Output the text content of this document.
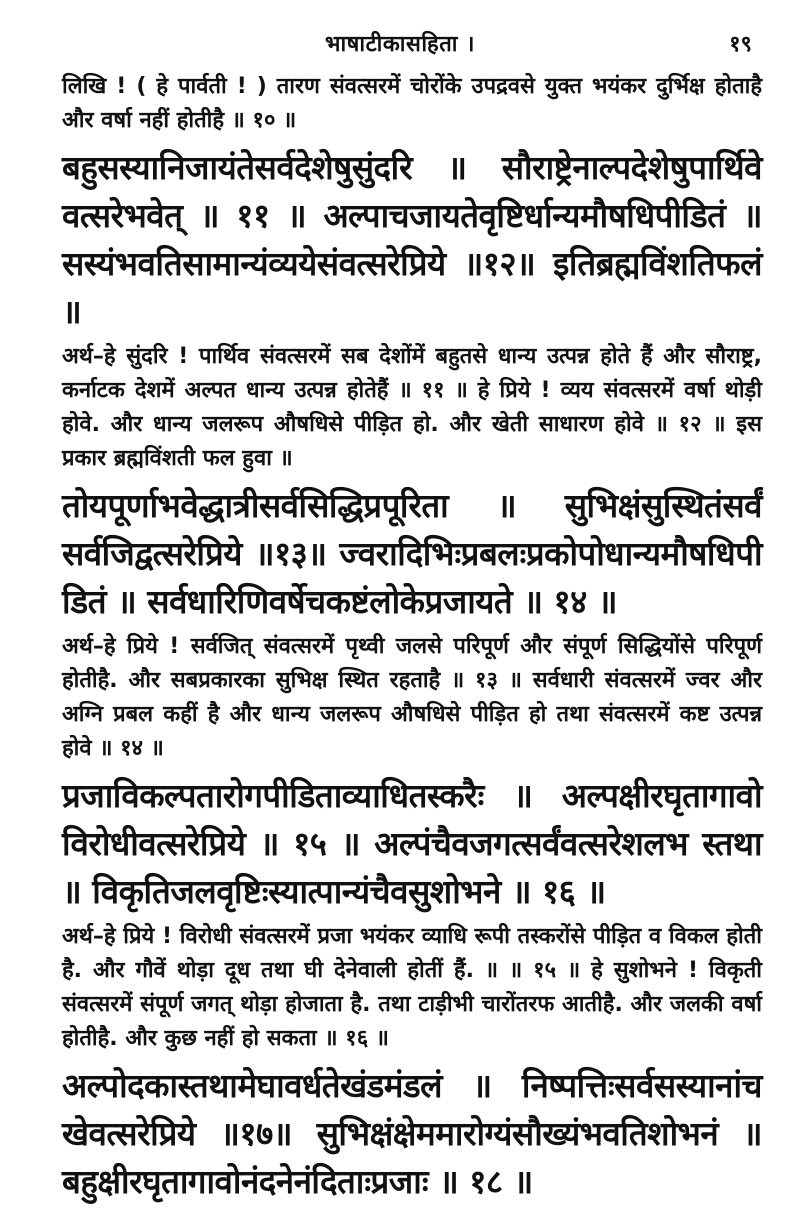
भाषाटीकासहिता ।	१९

लिखि ! ( हे पार्वती ! ) तारण संवत्सरमें चोरोंके उपद्रवसे युक्त भयंकर दुर्भिक्ष होताहै और वर्षा नहीं होतीहै ॥ १० ॥

बहुसस्यानिजायंतेसर्वदेशेषुसुंदरि ॥ सौराष्ट्रेनाल्पदेशेषुपार्थिवे वत्सरेभवेत् ॥ ११ ॥ अल्पाचजायतेवृष्टिर्धान्यमौषधिपीडितं ॥ सस्यंभवतिसामान्यंव्ययेसंवत्सरेप्रिये ॥१२॥ इतिब्रह्मविंशतिफलं ॥

अर्थ–हे सुंदरि ! पार्थिव संवत्सरमें सब देशोंमें बहुतसे धान्य उत्पन्न होते हैं और सौराष्ट्र, कर्नाटक देशमें अल्पत धान्य उत्पन्न होतेहैं ॥ ११ ॥ हे प्रिये ! व्यय संवत्सरमें वर्षा थोड़ी होवे. और धान्य जलरूप औषधिसे पीड़ित हो. और खेती साधारण होवे ॥ १२ ॥ इस प्रकार ब्रह्मविंशती फल हुवा ॥

तोयपूर्णाभवेद्धात्रीसर्वसिद्धिप्रपूरिता ॥ सुभिक्षंसुस्थितंसर्वं सर्वजिद्वत्सरेप्रिये ॥१३॥ ज्वरादिभिःप्रबलःप्रकोपोधान्यमौषधिपी डितं ॥ सर्वधारिणिवर्षेचकष्टंलोकेप्रजायते ॥ १४ ॥

अर्थ–हे प्रिये ! सर्वजित् संवत्सरमें पृथ्वी जलसे परिपूर्ण और संपूर्ण सिद्धियोंसे परिपूर्ण होतीहै. और सबप्रकारका सुभिक्ष स्थित रहताहै ॥ १३ ॥ सर्वधारी संवत्सरमें ज्वर और अग्नि प्रबल कहीं है और धान्य जलरूप औषधिसे पीड़ित हो तथा संवत्सरमें कष्ट उत्पन्न होवे ॥ १४ ॥

प्रजाविकल्पतारोगपीडिताव्याधितस्करैः ॥ अल्पक्षीरघृतागावो विरोधीवत्सरेप्रिये ॥ १५ ॥ अल्पंचैवजगत्सर्वंवत्सरेशलभ स्तथा ॥ विकृतिजलवृष्टिःस्यात्पान्यंचैवसुशोभने ॥ १६ ॥

अर्थ–हे प्रिये ! विरोधी संवत्सरमें प्रजा भयंकर व्याधि रूपी तस्करोंसे पीड़ित व विकल होती है. और गौवें थोड़ा दूध तथा घी देनेवाली होतीं हैं. ॥ ॥ १५ ॥ हे सुशोभने ! विकृती संवत्सरमें संपूर्ण जगत् थोड़ा होजाता है. तथा टाड़ीभी चारोंतरफ आतीहै. और जलकी वर्षा होतीहै. और कुछ नहीं हो सकता ॥ १६ ॥

अल्पोदकास्तथामेघावर्धतेखंडमंडलं ॥ निष्पत्तिःसर्वसस्यानांच खेवत्सरेप्रिये ॥१७॥ सुभिक्षंक्षेममारोग्यंसौख्यंभवतिशोभनं ॥ बहुक्षीरघृतागावोनंदनेनंदिताःप्रजाः ॥ १८ ॥
